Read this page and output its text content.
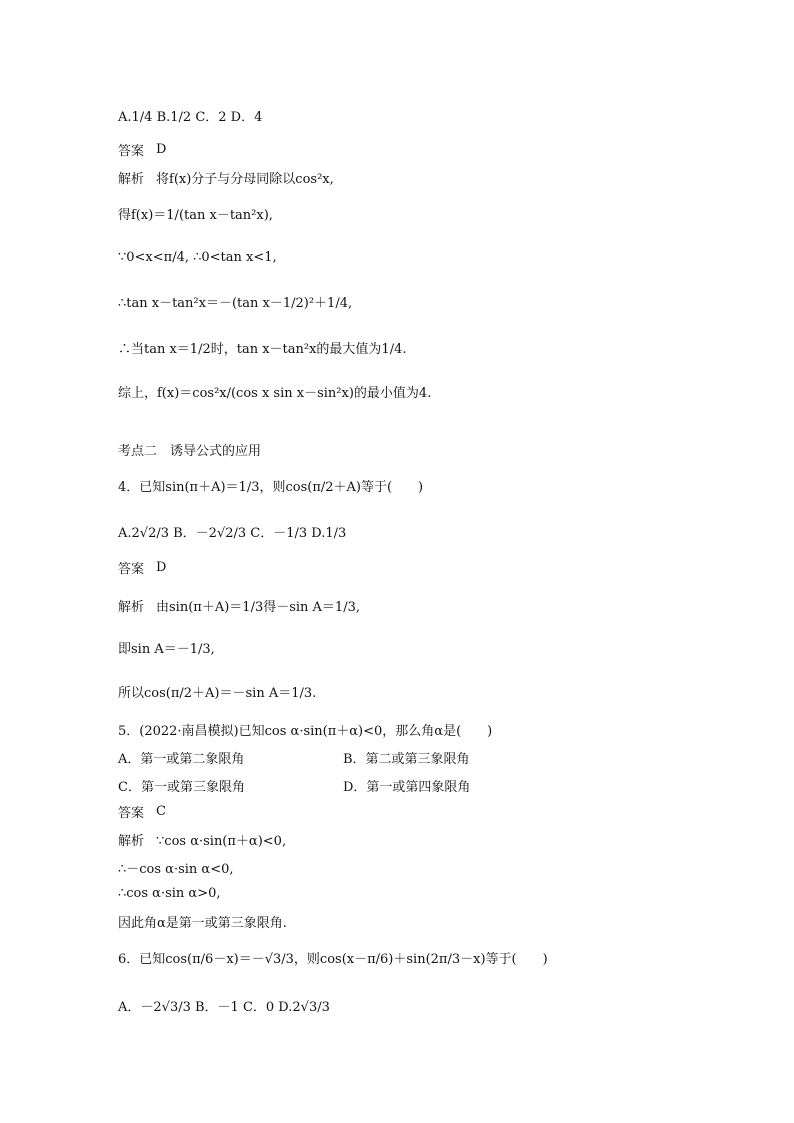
A.1/4 B.1/2 C．2 D．4
答案 D
解析 将f(x)分子与分母同除以cos²x,
得f(x)＝1/(tan x－tan²x),
∵0<x<π/4, ∴0<tan x<1,
∴tan x－tan²x＝－(tan x－1/2)²＋1/4,
∴当tan x＝1/2时，tan x－tan²x的最大值为1/4.
综上，f(x)＝cos²x/(cos x sin x－sin²x)的最小值为4.
考点二　诱导公式的应用
4．已知sin(π＋A)＝1/3，则cos(π/2＋A)等于(　　)
A.2√2/3 B．－2√2/3 C．－1/3 D.1/3
答案 D
解析 由sin(π＋A)＝1/3得－sin A＝1/3,
即sin A＝－1/3,
所以cos(π/2＋A)＝－sin A＝1/3.
5．(2022·南昌模拟)已知cos α·sin(π＋α)<0，那么角α是(　　)
A．第一或第二象限角	B．第二或第三象限角
C．第一或第三象限角	D．第一或第四象限角
答案 C
解析 ∵cos α·sin(π＋α)<0,
∴－cos α·sin α<0,
∴cos α·sin α>0,
因此角α是第一或第三象限角.
6．已知cos(π/6－x)＝－√3/3，则cos(x－π/6)＋sin(2π/3－x)等于(　　)
A．－2√3/3 B．－1 C．0 D.2√3/3
